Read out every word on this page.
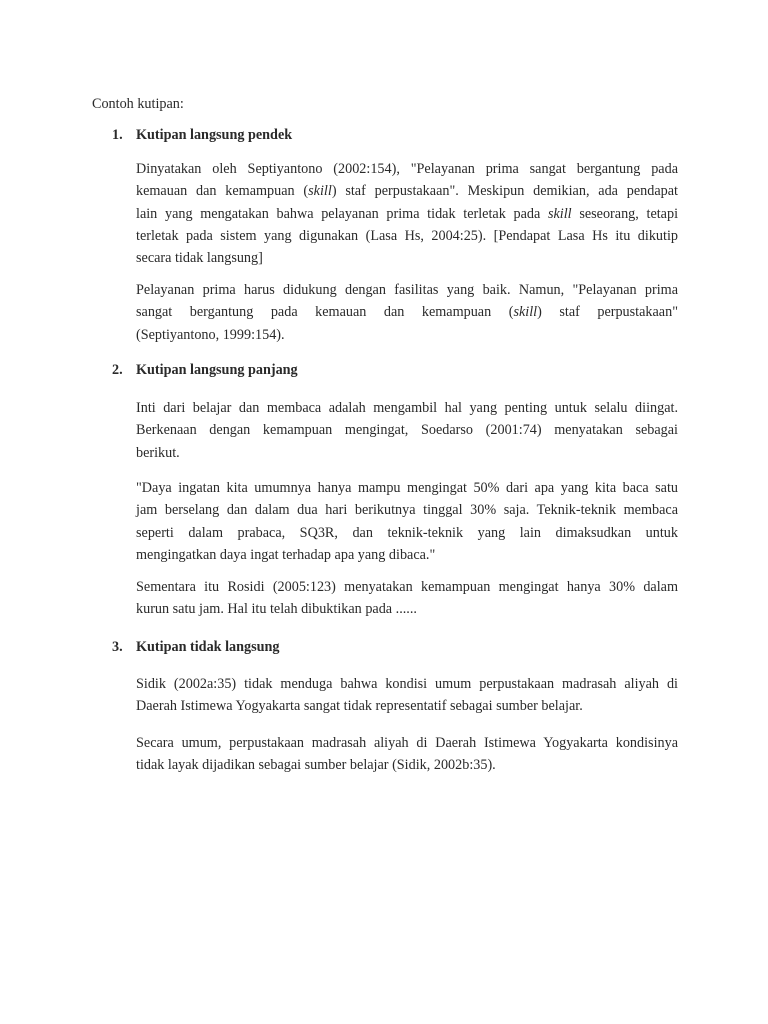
Contoh kutipan:
1. Kutipan langsung pendek
Dinyatakan oleh Septiyantono (2002:154), "Pelayanan prima sangat bergantung pada
kemauan dan kemampuan (skill) staf perpustakaan". Meskipun demikian, ada pendapat
lain yang mengatakan bahwa pelayanan prima tidak terletak pada skill seseorang, tetapi
terletak pada sistem yang digunakan (Lasa Hs, 2004:25). [Pendapat Lasa Hs itu dikutip
secara tidak langsung]
Pelayanan prima harus didukung dengan fasilitas yang baik. Namun, "Pelayanan prima
sangat bergantung pada kemauan dan kemampuan (skill) staf perpustakaan"
(Septiyantono, 1999:154).
2. Kutipan langsung panjang
Inti dari belajar dan membaca adalah mengambil hal yang penting untuk selalu diingat.
Berkenaan dengan kemampuan mengingat, Soedarso (2001:74) menyatakan sebagai
berikut.
"Daya ingatan kita umumnya hanya mampu mengingat 50% dari apa yang kita baca satu
jam berselang dan dalam dua hari berikutnya tinggal 30% saja. Teknik-teknik membaca
seperti dalam prabaca, SQ3R, dan teknik-teknik yang lain dimaksudkan untuk
mengingatkan daya ingat terhadap apa yang dibaca."
Sementara itu Rosidi (2005:123) menyatakan kemampuan mengingat hanya 30% dalam
kurun satu jam. Hal itu telah dibuktikan pada ......
3. Kutipan tidak langsung
Sidik (2002a:35) tidak menduga bahwa kondisi umum perpustakaan madrasah aliyah di
Daerah Istimewa Yogyakarta sangat tidak representatif sebagai sumber belajar.
Secara umum, perpustakaan madrasah aliyah di Daerah Istimewa Yogyakarta kondisinya
tidak layak dijadikan sebagai sumber belajar (Sidik, 2002b:35).
